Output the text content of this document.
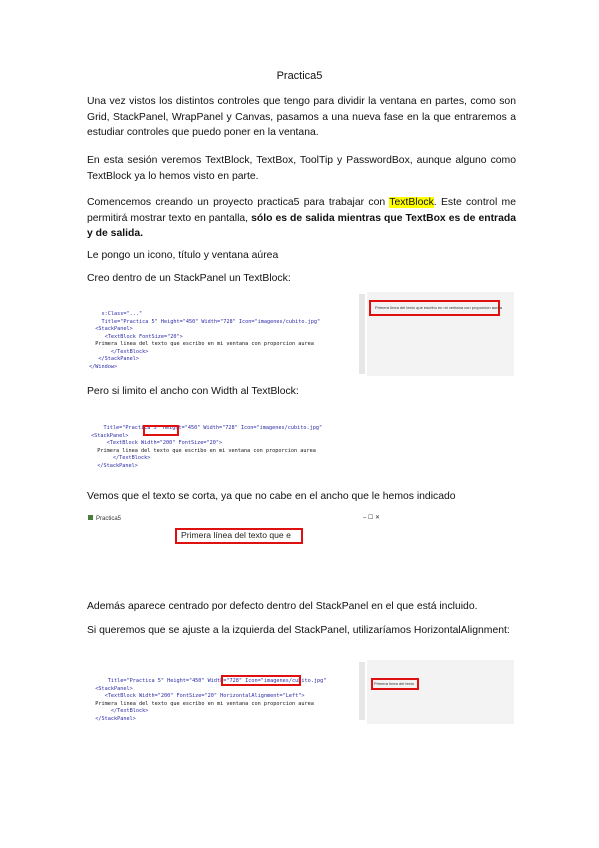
Practica5
Una vez vistos los distintos controles que tengo para dividir la ventana en partes, como son Grid, StackPanel, WrapPanel y Canvas, pasamos a una nueva fase en la que entraremos a estudiar controles que puedo poner en la ventana.
En esta sesión veremos TextBlock, TextBox, ToolTip y PasswordBox, aunque alguno como TextBlock ya lo hemos visto en parte.
Comencemos creando un proyecto practica5 para trabajar con TextBlock. Este control me permitirá mostrar texto en pantalla, sólo es de salida mientras que TextBox es de entrada y de salida.
Le pongo un icono, título y ventana aúrea
Creo dentro de un StackPanel un TextBlock:

x:Class="..."
Title="Practica 5" Height="450" Width="728" Icon="imagenes/cubito.jpg"
<StackPanel>
<TextBlock FontSize="20">
Primera linea del texto que escribo en mi ventana con proporcion aurea
</TextBlock>
</StackPanel>
</Window>

Primera línea del texto que escribo en mi ventana con proporcion aurea
Pero si limito el ancho con Width al TextBlock:

Title="Practica 5" Height="450" Width="728" Icon="imagenes/cubito.jpg"
<StackPanel>
<TextBlock Width="200" FontSize="20">
Primera linea del texto que escribo en mi ventana con proporcion aurea
</TextBlock>
</StackPanel>

Vemos que el texto se corta, ya que no cabe en el ancho que le hemos indicado
Practica5	– ☐ ✕
Primera línea del texto que e
Además aparece centrado por defecto dentro del StackPanel en el que está incluido.
Si queremos que se ajuste a la izquierda del StackPanel, utilizaríamos HorizontalAlignment:

Title="Practica 5" Height="450" Width="728" Icon="imagenes/cubito.jpg"
<StackPanel>
<TextBlock Width="200" FontSize="20" HorizontalAlignment="Left">
Primera linea del texto que escribo en mi ventana con proporcion aurea
</TextBlock>
</StackPanel>

Primera línea del texto
